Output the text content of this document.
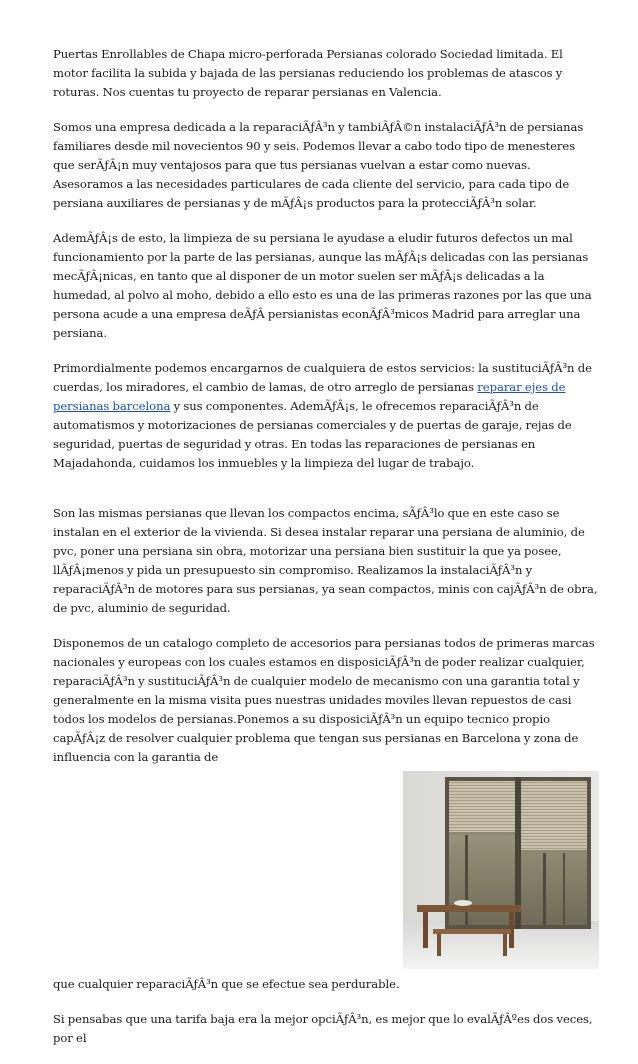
Puertas Enrollables de Chapa micro-perforada Persianas colorado Sociedad limitada. El motor facilita la subida y bajada de las persianas reduciendo los problemas de atascos y roturas. Nos cuentas tu proyecto de reparar persianas en Valencia.

Somos una empresa dedicada a la reparaciÃƒÂ³n y tambiÃƒÂ©n instalaciÃƒÂ³n de persianas familiares desde mil novecientos 90 y seis. Podemos llevar a cabo todo tipo de menesteres que serÃƒÂ¡n muy ventajosos para que tus persianas vuelvan a estar como nuevas. Asesoramos a las necesidades particulares de cada cliente del servicio, para cada tipo de persiana auxiliares de persianas y de mÃƒÂ¡s productos para la protecciÃƒÂ³n solar.

AdemÃƒÂ¡s de esto, la limpieza de su persiana le ayudase a eludir futuros defectos un mal funcionamiento por la parte de las persianas, aunque las mÃƒÂ¡s delicadas con las persianas mecÃƒÂ¡nicas, en tanto que al disponer de un motor suelen ser mÃƒÂ¡s delicadas a la humedad, al polvo al moho, debido a ello esto es una de las primeras razones por las que una persona acude a una empresa deÃƒÂ persianistas econÃƒÂ³micos Madrid para arreglar una persiana.

Primordialmente podemos encargarnos de cualquiera de estos servicios: la sustituciÃƒÂ³n de cuerdas, los miradores, el cambio de lamas, de otro arreglo de persianas reparar ejes de persianas barcelona y sus componentes. AdemÃƒÂ¡s, le ofrecemos reparaciÃƒÂ³n de automatismos y motorizaciones de persianas comerciales y de puertas de garaje, rejas de seguridad, puertas de seguridad y otras. En todas las reparaciones de persianas en Majadahonda, cuidamos los inmuebles y la limpieza del lugar de trabajo.

Son las mismas persianas que llevan los compactos encima, sÃƒÂ³lo que en este caso se instalan en el exterior de la vivienda. Si desea instalar reparar una persiana de aluminio, de pvc, poner una persiana sin obra, motorizar una persiana bien sustituir la que ya posee, llÃƒÂ¡menos y pida un presupuesto sin compromiso. Realizamos la instalaciÃƒÂ³n y reparaciÃƒÂ³n de motores para sus persianas, ya sean compactos, minis con cajÃƒÂ³n de obra, de pvc, aluminio de seguridad.

Disponemos de un catalogo completo de accesorios para persianas todos de primeras marcas nacionales y europeas con los cuales estamos en disposiciÃƒÂ³n de poder realizar cualquier, reparaciÃƒÂ³n y sustituciÃƒÂ³n de cualquier modelo de mecanismo con una garantia total y generalmente en la misma visita pues nuestras unidades moviles llevan repuestos de casi todos los modelos de persianas.Ponemos a su disposiciÃƒÂ³n un equipo tecnico propio capÃƒÂ¡z de resolver cualquier problema que tengan sus persianas en Barcelona y zona de influencia con la garantia de

que cualquier reparaciÃƒÂ³n que se efectue sea perdurable.

Si pensabas que una tarifa baja era la mejor opciÃƒÂ³n, es mejor que lo evalÃƒÂºes dos veces, por el
